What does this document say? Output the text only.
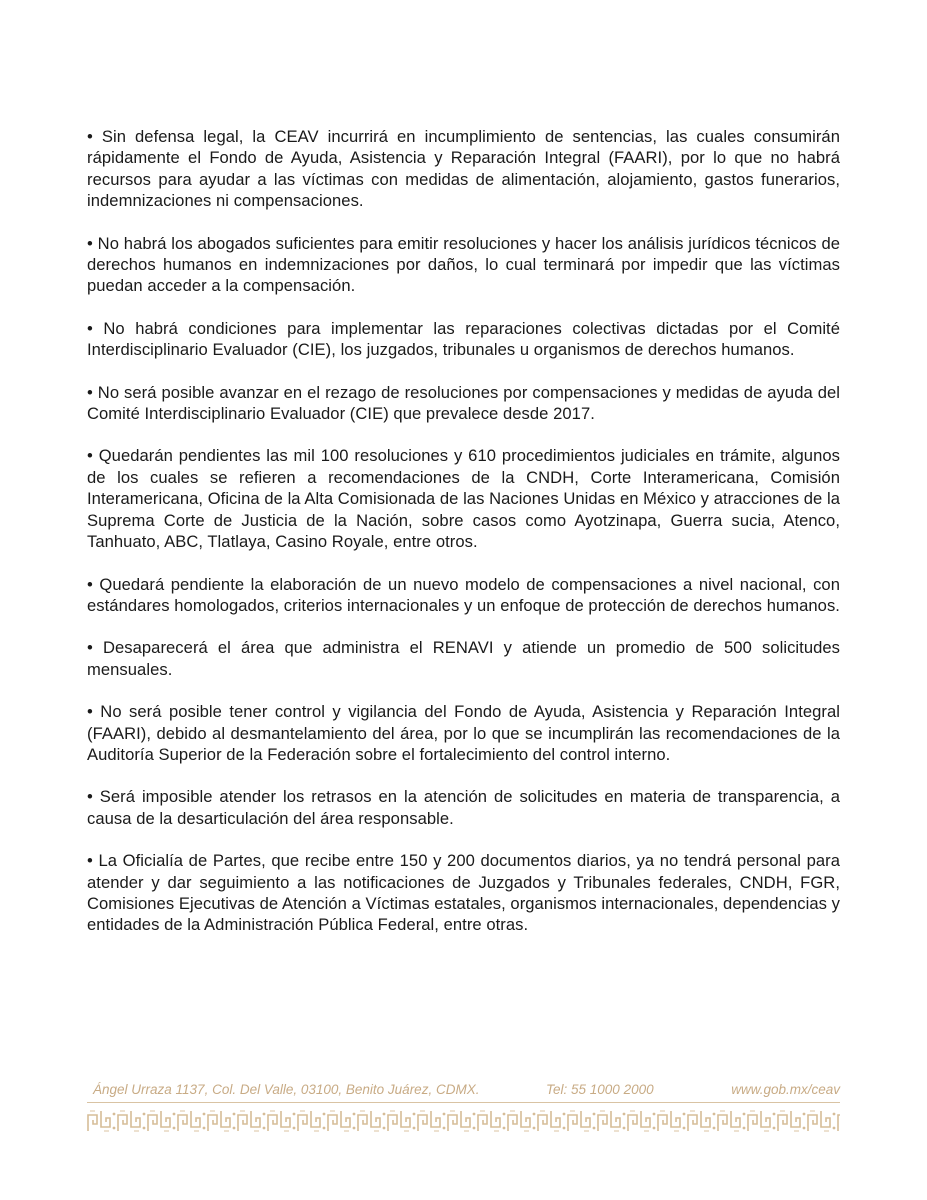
• Sin defensa legal, la CEAV incurrirá en incumplimiento de sentencias, las cuales consumirán rápidamente el Fondo de Ayuda, Asistencia y Reparación Integral (FAARI), por lo que no habrá recursos para ayudar a las víctimas con medidas de alimentación, alojamiento, gastos funerarios, indemnizaciones ni compensaciones.

• No habrá los abogados suficientes para emitir resoluciones y hacer los análisis jurídicos técnicos de derechos humanos en indemnizaciones por daños, lo cual terminará por impedir que las víctimas puedan acceder a la compensación.

• No habrá condiciones para implementar las reparaciones colectivas dictadas por el Comité Interdisciplinario Evaluador (CIE), los juzgados, tribunales u organismos de derechos humanos.

• No será posible avanzar en el rezago de resoluciones por compensaciones y medidas de ayuda del Comité Interdisciplinario Evaluador (CIE) que prevalece desde 2017.

• Quedarán pendientes las mil 100 resoluciones y 610 procedimientos judiciales en trámite, algunos de los cuales se refieren a recomendaciones de la CNDH, Corte Interamericana, Comisión Interamericana, Oficina de la Alta Comisionada de las Naciones Unidas en México y atracciones de la Suprema Corte de Justicia de la Nación, sobre casos como Ayotzinapa, Guerra sucia, Atenco, Tanhuato, ABC, Tlatlaya, Casino Royale, entre otros.

• Quedará pendiente la elaboración de un nuevo modelo de compensaciones a nivel nacional, con estándares homologados, criterios internacionales y un enfoque de protección de derechos humanos.

• Desaparecerá el área que administra el RENAVI y atiende un promedio de 500 solicitudes mensuales.

• No será posible tener control y vigilancia del Fondo de Ayuda, Asistencia y Reparación Integral (FAARI), debido al desmantelamiento del área, por lo que se incumplirán las recomendaciones de la Auditoría Superior de la Federación sobre el fortalecimiento del control interno.

• Será imposible atender los retrasos en la atención de solicitudes en materia de transparencia, a causa de la desarticulación del área responsable.

• La Oficialía de Partes, que recibe entre 150 y 200 documentos diarios, ya no tendrá personal para atender y dar seguimiento a las notificaciones de Juzgados y Tribunales federales, CNDH, FGR, Comisiones Ejecutivas de Atención a Víctimas estatales, organismos internacionales, dependencias y entidades de la Administración Pública Federal, entre otras.

Ángel Urraza 1137, Col. Del Valle, 03100, Benito Juárez, CDMX.	Tel: 55 1000 2000	www.gob.mx/ceav
